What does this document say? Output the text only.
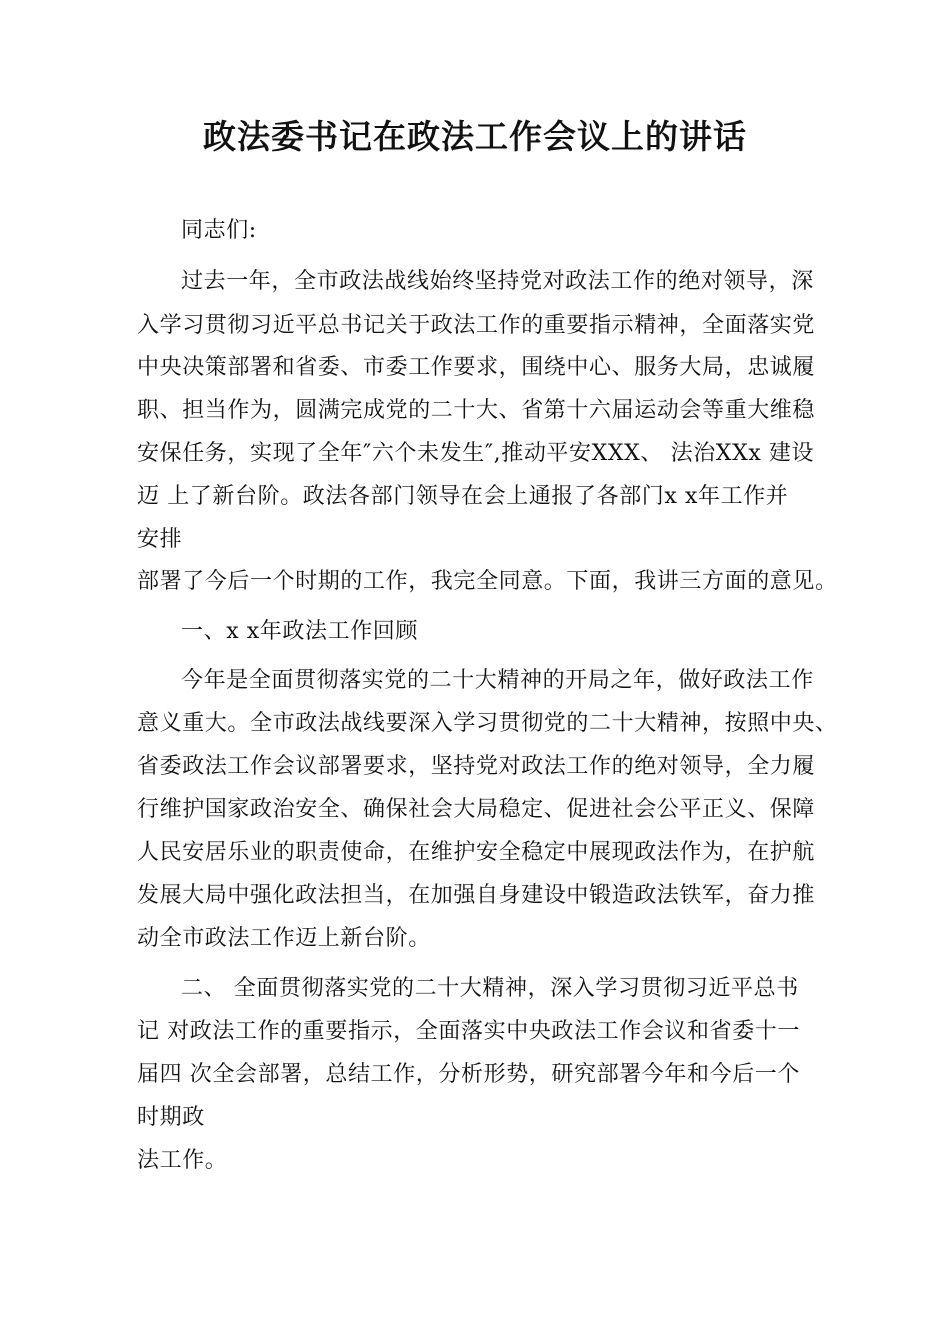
政法委书记在政法工作会议上的讲话
同志们:
过去一年，全市政法战线始终坚持党对政法工作的绝对领导，深
入学习贯彻习近平总书记关于政法工作的重要指示精神，全面落实党
中央决策部署和省委、市委工作要求，围绕中心、服务大局，忠诚履
职、担当作为，圆满完成党的二十大、省第十六届运动会等重大维稳
安保任务，实现了全年″六个未发生″,推动平安XXX、 法治XXx 建设
迈 上了新台阶。政法各部门领导在会上通报了各部门x x年工作并
安排
部署了今后一个时期的工作，我完全同意。下面，我讲三方面的意见。
一、x x年政法工作回顾
今年是全面贯彻落实党的二十大精神的开局之年，做好政法工作
意义重大。全市政法战线要深入学习贯彻党的二十大精神，按照中央、
省委政法工作会议部署要求，坚持党对政法工作的绝对领导，全力履
行维护国家政治安全、确保社会大局稳定、促进社会公平正义、保障
人民安居乐业的职责使命，在维护安全稳定中展现政法作为，在护航
发展大局中强化政法担当，在加强自身建设中锻造政法铁军，奋力推
动全市政法工作迈上新台阶。
二、 全面贯彻落实党的二十大精神，深入学习贯彻习近平总书
记 对政法工作的重要指示，全面落实中央政法工作会议和省委十一
届四 次全会部署，总结工作，分析形势，研究部署今年和今后一个
时期政
法工作。
